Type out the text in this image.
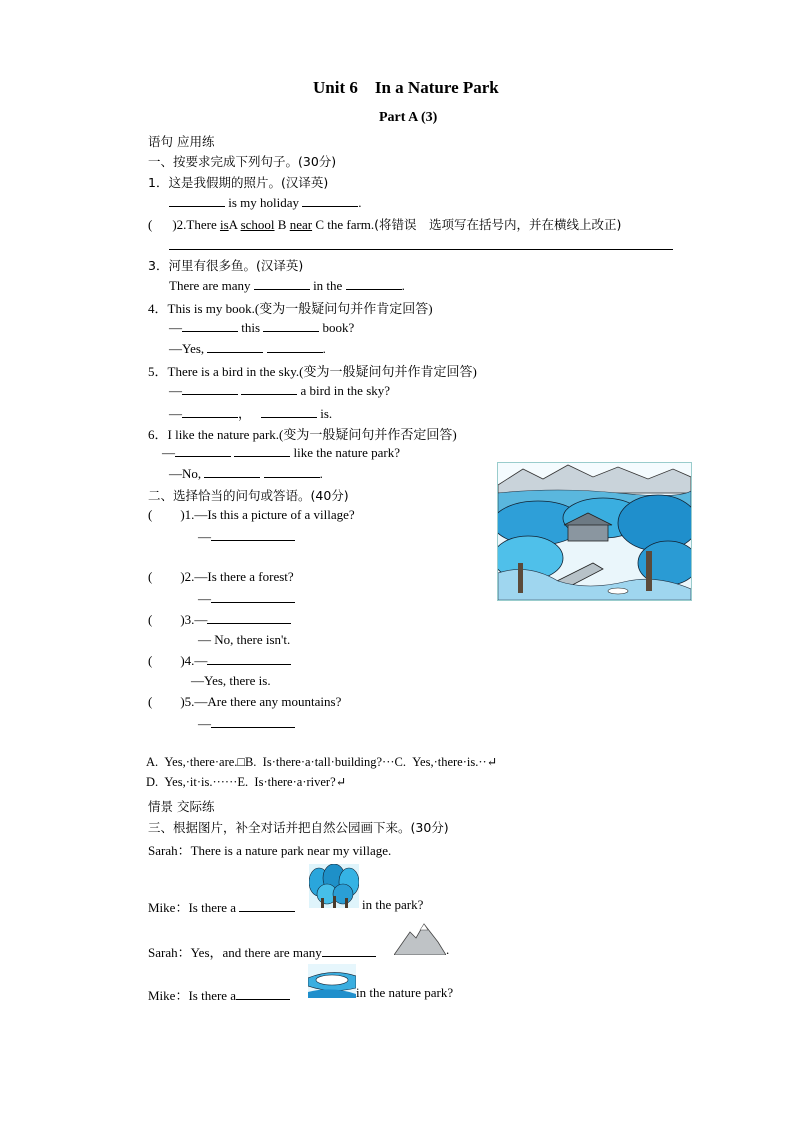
Unit 6    In a Nature Park
Part A (3)
语句 应用练
一、按要求完成下列句子。(30分)
1．这是我假期的照片。(汉译英)
is my holiday	.
( )2.There isA school B near C the farm.(将错误　选项写在括号内，并在横线上改正)
3．河里有很多鱼。(汉译英)
There are many	in the	.
4．This is my book.(变为一般疑问句并作肯定回答)
—	this	book?
—Yes,	.
5．There is a bird in the sky.(变为一般疑问句并作肯定回答)
—	a bird in the sky?
—	，	is.
6．I like the nature park.(变为一般疑问句并作否定回答)
—	like the nature park?
—No,	.
二、选择恰当的问句或答语。(40分)
( )1.—Is this a picture of a village?
—
( )2.—Is there a forest?
—
( )3.—
— No, there isn't.
( )4.—
—Yes, there is.
( )5.—Are there any mountains?
—
A.  Yes,·there·are.□B.  Is·there·a·tall·building?···C.  Yes,·there·is.··↵
D.  Yes,·it·is.······E.  Is·there·a·river?↵
情景 交际练
三、根据图片，补全对话并把自然公园画下来。(30分)
Sarah：There is a nature park near my village.
Mike：Is there a	in the park?
Sarah：Yes，and there are many	.
Mike：Is there a	in the nature park?
